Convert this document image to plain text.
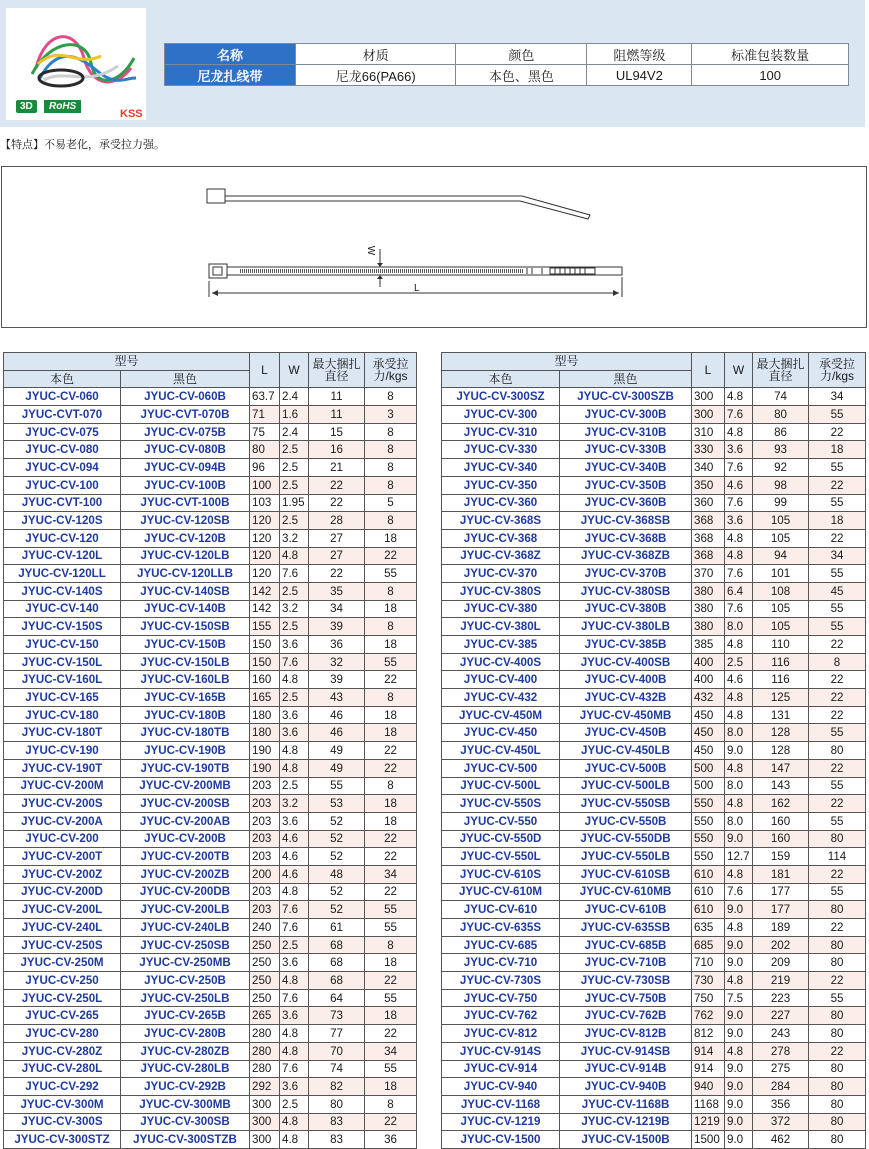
3D	RoHS
KSS
名称	材质	颜色	阻燃等级	标准包装数量
尼龙扎线带	尼龙66(PA66)	本色、黑色	UL94V2	100
【特点】不易老化，承受拉力强。
W
L
型号		L	W	最大捆扎直径	承受拉力/kgs
本色	黑色				
JYUC-CV-060	JYUC-CV-060B	63.7	2.4	11	8
JYUC-CVT-070	JYUC-CVT-070B	71	1.6	11	3
JYUC-CV-075	JYUC-CV-075B	75	2.4	15	8
JYUC-CV-080	JYUC-CV-080B	80	2.5	16	8
JYUC-CV-094	JYUC-CV-094B	96	2.5	21	8
JYUC-CV-100	JYUC-CV-100B	100	2.5	22	8
JYUC-CVT-100	JYUC-CVT-100B	103	1.95	22	5
JYUC-CV-120S	JYUC-CV-120SB	120	2.5	28	8
JYUC-CV-120	JYUC-CV-120B	120	3.2	27	18
JYUC-CV-120L	JYUC-CV-120LB	120	4.8	27	22
JYUC-CV-120LL	JYUC-CV-120LLB	120	7.6	22	55
JYUC-CV-140S	JYUC-CV-140SB	142	2.5	35	8
JYUC-CV-140	JYUC-CV-140B	142	3.2	34	18
JYUC-CV-150S	JYUC-CV-150SB	155	2.5	39	8
JYUC-CV-150	JYUC-CV-150B	150	3.6	36	18
JYUC-CV-150L	JYUC-CV-150LB	150	7.6	32	55
JYUC-CV-160L	JYUC-CV-160LB	160	4.8	39	22
JYUC-CV-165	JYUC-CV-165B	165	2.5	43	8
JYUC-CV-180	JYUC-CV-180B	180	3.6	46	18
JYUC-CV-180T	JYUC-CV-180TB	180	3.6	46	18
JYUC-CV-190	JYUC-CV-190B	190	4.8	49	22
JYUC-CV-190T	JYUC-CV-190TB	190	4.8	49	22
JYUC-CV-200M	JYUC-CV-200MB	203	2.5	55	8
JYUC-CV-200S	JYUC-CV-200SB	203	3.2	53	18
JYUC-CV-200A	JYUC-CV-200AB	203	3.6	52	18
JYUC-CV-200	JYUC-CV-200B	203	4.6	52	22
JYUC-CV-200T	JYUC-CV-200TB	203	4.6	52	22
JYUC-CV-200Z	JYUC-CV-200ZB	200	4.6	48	34
JYUC-CV-200D	JYUC-CV-200DB	203	4.8	52	22
JYUC-CV-200L	JYUC-CV-200LB	203	7.6	52	55
JYUC-CV-240L	JYUC-CV-240LB	240	7.6	61	55
JYUC-CV-250S	JYUC-CV-250SB	250	2.5	68	8
JYUC-CV-250M	JYUC-CV-250MB	250	3.6	68	18
JYUC-CV-250	JYUC-CV-250B	250	4.8	68	22
JYUC-CV-250L	JYUC-CV-250LB	250	7.6	64	55
JYUC-CV-265	JYUC-CV-265B	265	3.6	73	18
JYUC-CV-280	JYUC-CV-280B	280	4.8	77	22
JYUC-CV-280Z	JYUC-CV-280ZB	280	4.8	70	34
JYUC-CV-280L	JYUC-CV-280LB	280	7.6	74	55
JYUC-CV-292	JYUC-CV-292B	292	3.6	82	18
JYUC-CV-300M	JYUC-CV-300MB	300	2.5	80	8
JYUC-CV-300S	JYUC-CV-300SB	300	4.8	83	22
JYUC-CV-300STZ	JYUC-CV-300STZB	300	4.8	83	36
型号		L	W	最大捆扎直径	承受拉力/kgs
本色	黑色				
JYUC-CV-300SZ	JYUC-CV-300SZB	300	4.8	74	34
JYUC-CV-300	JYUC-CV-300B	300	7.6	80	55
JYUC-CV-310	JYUC-CV-310B	310	4.8	86	22
JYUC-CV-330	JYUC-CV-330B	330	3.6	93	18
JYUC-CV-340	JYUC-CV-340B	340	7.6	92	55
JYUC-CV-350	JYUC-CV-350B	350	4.6	98	22
JYUC-CV-360	JYUC-CV-360B	360	7.6	99	55
JYUC-CV-368S	JYUC-CV-368SB	368	3.6	105	18
JYUC-CV-368	JYUC-CV-368B	368	4.8	105	22
JYUC-CV-368Z	JYUC-CV-368ZB	368	4.8	94	34
JYUC-CV-370	JYUC-CV-370B	370	7.6	101	55
JYUC-CV-380S	JYUC-CV-380SB	380	6.4	108	45
JYUC-CV-380	JYUC-CV-380B	380	7.6	105	55
JYUC-CV-380L	JYUC-CV-380LB	380	8.0	105	55
JYUC-CV-385	JYUC-CV-385B	385	4.8	110	22
JYUC-CV-400S	JYUC-CV-400SB	400	2.5	116	8
JYUC-CV-400	JYUC-CV-400B	400	4.6	116	22
JYUC-CV-432	JYUC-CV-432B	432	4.8	125	22
JYUC-CV-450M	JYUC-CV-450MB	450	4.8	131	22
JYUC-CV-450	JYUC-CV-450B	450	8.0	128	55
JYUC-CV-450L	JYUC-CV-450LB	450	9.0	128	80
JYUC-CV-500	JYUC-CV-500B	500	4.8	147	22
JYUC-CV-500L	JYUC-CV-500LB	500	8.0	143	55
JYUC-CV-550S	JYUC-CV-550SB	550	4.8	162	22
JYUC-CV-550	JYUC-CV-550B	550	8.0	160	55
JYUC-CV-550D	JYUC-CV-550DB	550	9.0	160	80
JYUC-CV-550L	JYUC-CV-550LB	550	12.7	159	114
JYUC-CV-610S	JYUC-CV-610SB	610	4.8	181	22
JYUC-CV-610M	JYUC-CV-610MB	610	7.6	177	55
JYUC-CV-610	JYUC-CV-610B	610	9.0	177	80
JYUC-CV-635S	JYUC-CV-635SB	635	4.8	189	22
JYUC-CV-685	JYUC-CV-685B	685	9.0	202	80
JYUC-CV-710	JYUC-CV-710B	710	9.0	209	80
JYUC-CV-730S	JYUC-CV-730SB	730	4.8	219	22
JYUC-CV-750	JYUC-CV-750B	750	7.5	223	55
JYUC-CV-762	JYUC-CV-762B	762	9.0	227	80
JYUC-CV-812	JYUC-CV-812B	812	9.0	243	80
JYUC-CV-914S	JYUC-CV-914SB	914	4.8	278	22
JYUC-CV-914	JYUC-CV-914B	914	9.0	275	80
JYUC-CV-940	JYUC-CV-940B	940	9.0	284	80
JYUC-CV-1168	JYUC-CV-1168B	1168	9.0	356	80
JYUC-CV-1219	JYUC-CV-1219B	1219	9.0	372	80
JYUC-CV-1500	JYUC-CV-1500B	1500	9.0	462	80
